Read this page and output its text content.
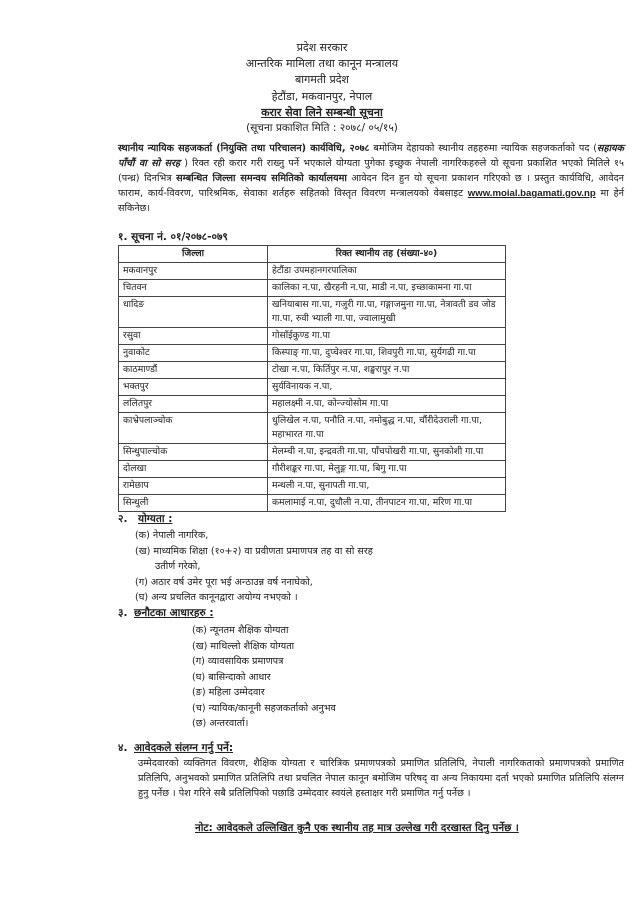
प्रदेश सरकार
आन्तरिक मामिला तथा कानून मन्त्रालय
बागमती प्रदेश
हेटौंडा, मकवानपुर, नेपाल
करार सेवा लिने सम्बन्धी सूचना
(सूचना प्रकाशित मिति : २०७८/ ०५/१५)
स्थानीय न्यायिक सहजकर्ता (नियुक्ति तथा परिचालन) कार्यविधि, २०७८ बमोजिम देहायको स्थानीय तहहरुमा न्यायिक सहजकर्ताको पद (सहायक पाँचौं वा सो सरह ) रिक्त रही करार गरी राख्नु पर्ने भएकाले योग्यता पुगेका इच्छुक नेपाली नागरिकहरुले यो सूचना प्रकाशित भएको मितिले १५ (पन्ध्र) दिनभित्र सम्बन्धित जिल्ला समन्वय समितिको कार्यालयमा आवेदन दिन हुन यो सूचना प्रकाशन गरिएको छ । प्रस्तुत कार्यविधि, आवेदन फाराम, कार्य-विवरण, पारिश्रमिक, सेवाका शर्तहरु सहितको विस्तृत विवरण मन्त्रालयको वेबसाइट www.moial.bagamati.gov.np मा हेर्न सकिनेछ।
१. सूचना नं. ०१/२०७८-०७९
जिल्ला	रिक्त स्थानीय तह (संख्या-४०)
मकवानपुर	हेटौंडा उपमहानगरपालिका
चितवन	कालिका न.पा, खैरहनी न.पा, माडी न.पा, इच्छाकामना गा.पा
धादिङ	खनियाबास गा.पा, गजुरी गा.पा, गङ्गाजमुना गा.पा, नेत्रावती डव जोड गा.पा, रुवी भ्याली गा.पा, ज्वालामुखी
रसुवा	गोसाँईकुण्ड गा.पा
नुवाकोट	किस्पाङ् गा.पा, दुप्चेश्वर गा.पा, शिवपुरी गा.पा, सुर्यगढी गा.पा
काठमाण्डौं	टोखा न.पा, किर्तिपुर न.पा, शङ्खरापुर न.पा
भक्तपुर	सुर्यविनायक न.पा,
ललितपुर	महालक्ष्मी न.पा, कोन्ज्योसोम गा.पा
काभ्रेपलाञ्चोक	धुलिखेल न.पा, पनौति न.पा, नमोबुद्ध न.पा, चौंरीदेउराली गा.पा, महाभारत गा.पा
सिन्धुपाल्चोक	मेलम्ची न.पा, इन्द्रवती गा.पा, पाँचपोखरी गा.पा, सुनकोशी गा.पा
दोलखा	गौरीशङ्कर गा.पा, मेलुङ्ग गा.पा, बिगु गा.पा
रामेछाप	मन्थली न.पा, सुनापती गा.पा,
सिन्धुली	कमलामाई न.पा, दुधौली न.पा, तीनपाटन गा.पा, मरिण गा.पा
२. योग्यता :
(क) नेपाली नागरिक,
(ख) माध्यमिक शिक्षा (१०+२) वा प्रवीणता प्रमाणपत्र तह वा सो सरह
उतीर्ण गरेको,
(ग) अठार वर्ष उमेर पूरा भई अन्ठाउन्न वर्ष ननाघेको,
(घ) अन्य प्रचलित कानूनद्वारा अयोग्य नभएको ।
३. छनौटका आधारहरु :
(क) न्यूनतम शैक्षिक योग्यता
(ख) माथिल्लो शैक्षिक योग्यता
(ग) व्यावसायिक प्रमाणपत्र
(घ) बासिन्दाको आधार
(ङ) महिला उम्मेदवार
(च) न्यायिक/कानूनी सहजकर्ताको अनुभव
(छ) अन्तरवार्ता।
४. आवेदकले संलग्न गर्नु पर्ने:
उम्मेदवारको व्यक्तिगत विवरण, शैक्षिक योग्यता र चारित्रिक प्रमाणपत्रको प्रमाणित प्रतिलिपि, नेपाली नागरिकताको प्रमाणपत्रको प्रमाणित प्रतिलिपि, अनुभवको प्रमाणित प्रतिलिपि तथा प्रचलित नेपाल कानून बमोजिम परिषद् वा अन्य निकायमा दर्ता भएको प्रमाणित प्रतिलिपि संलग्न हुनु पर्नेछ । पेश गरिने सबै प्रतिलिपिको पछाडि उम्मेदवार स्वयंले हस्ताक्षर गरी प्रमाणित गर्नु पर्नेछ ।
नोट: आवेदकले उल्लिखित कुनै एक स्थानीय तह मात्र उल्लेख गरी दरखास्त दिनु पर्नेछ ।
